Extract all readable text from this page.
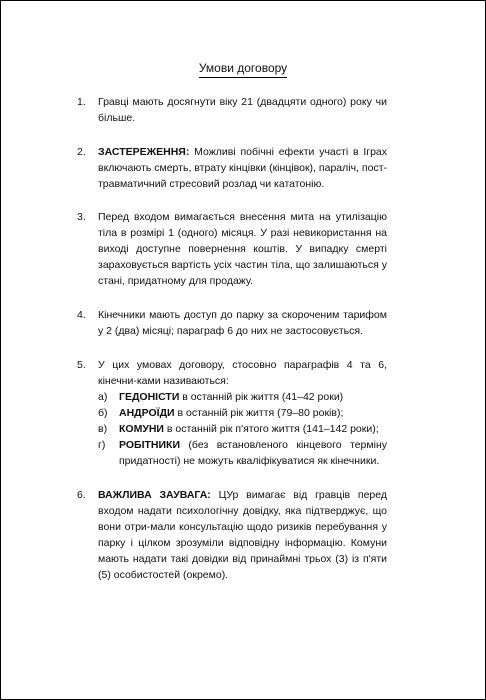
Умови договору
1. Гравці мають досягнути віку 21 (двадцяти одного) року чи більше.
2. ЗАСТЕРЕЖЕННЯ: Можливі побічні ефекти участі в Іграх включають смерть, втрату кінцівки (кінцівок), параліч, пост-травматичний стресовий розлад чи кататонію.
3. Перед входом вимагається внесення мита на утилізацію тіла в розмірі 1 (одного) місяця. У разі невикористання на виході доступне повернення коштів. У випадку смерті зараховується вартість усіх частин тіла, що залишаються у стані, придатному для продажу.
4. Кінечники мають доступ до парку за скороченим тарифом у 2 (два) місяці; параграф 6 до них не застосовується.
5. У цих умовах договору, стосовно параграфів 4 та 6, кінечни-ками називаються:
а) ГЕДОНІСТИ в останній рік життя (41–42 роки)
б) АНДРОЇДИ в останній рік життя (79–80 років);
в) КОМУНИ в останній рік п'ятого життя (141–142 роки);
г) РОБІТНИКИ (без встановленого кінцевого терміну придатності) не можуть кваліфікуватися як кінечники.
6. ВАЖЛИВА ЗАУВАГА: ЦУр вимагає від гравців перед входом надати психологічну довідку, яка підтверджує, що вони отри-мали консультацію щодо ризиків перебування у парку і цілком зрозуміли відповідну інформацію. Комуни мають надати такі довідки від принаймні трьох (3) із п'яти (5) особистостей (окремо).
